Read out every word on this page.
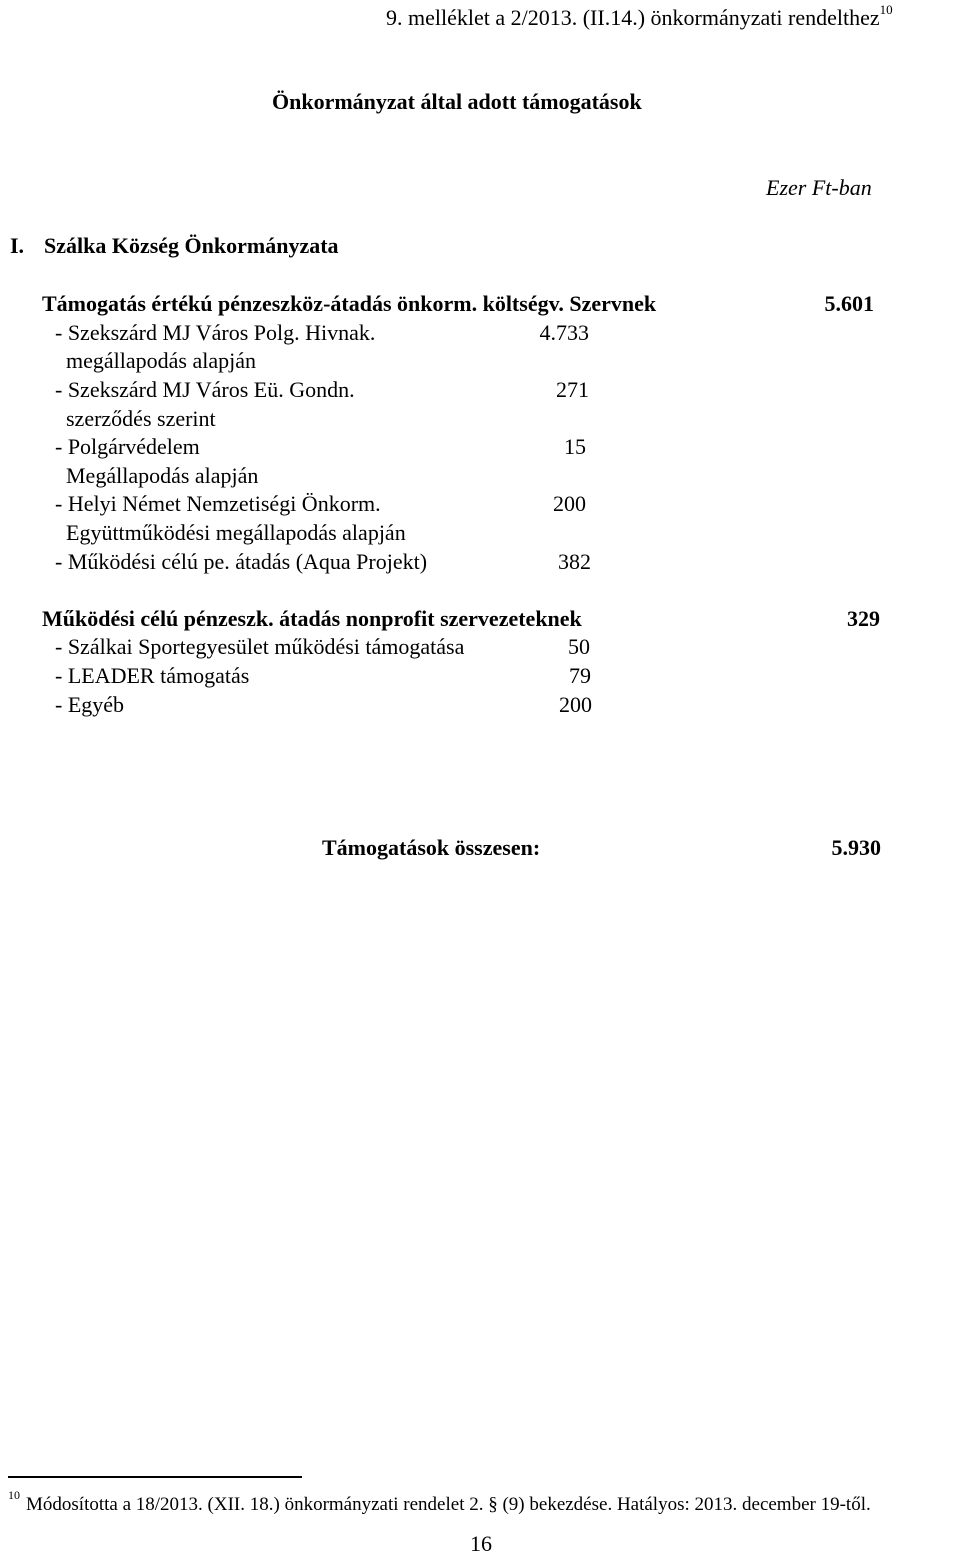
9. melléklet a 2/2013. (II.14.) önkormányzati rendelthez$^{10}$
Önkormányzat által adott támogatások
Ezer Ft-ban
I. Szálka Község Önkormányzata
Támogatás értékú pénzeszköz-átadás önkorm. költségv. Szervnek	5.601
- Szekszárd MJ Város Polg. Hivnak.	4.733
megállapodás alapján
- Szekszárd MJ Város Eü. Gondn.	271
szerződés szerint
- Polgárvédelem	15
Megállapodás alapján
- Helyi Német Nemzetiségi Önkorm.	200
Együttműködési megállapodás alapján
- Működési célú pe. átadás (Aqua Projekt)	382
Működési célú pénzeszk. átadás nonprofit szervezeteknek	329
- Szálkai Sportegyesület működési támogatása	50
- LEADER támogatás	79
- Egyéb	200
Támogatások összesen:	5.930
$^{10}$ Módosította a 18/2013. (XII. 18.) önkormányzati rendelet 2. § (9) bekezdése. Hatályos: 2013. december 19-től.
16
